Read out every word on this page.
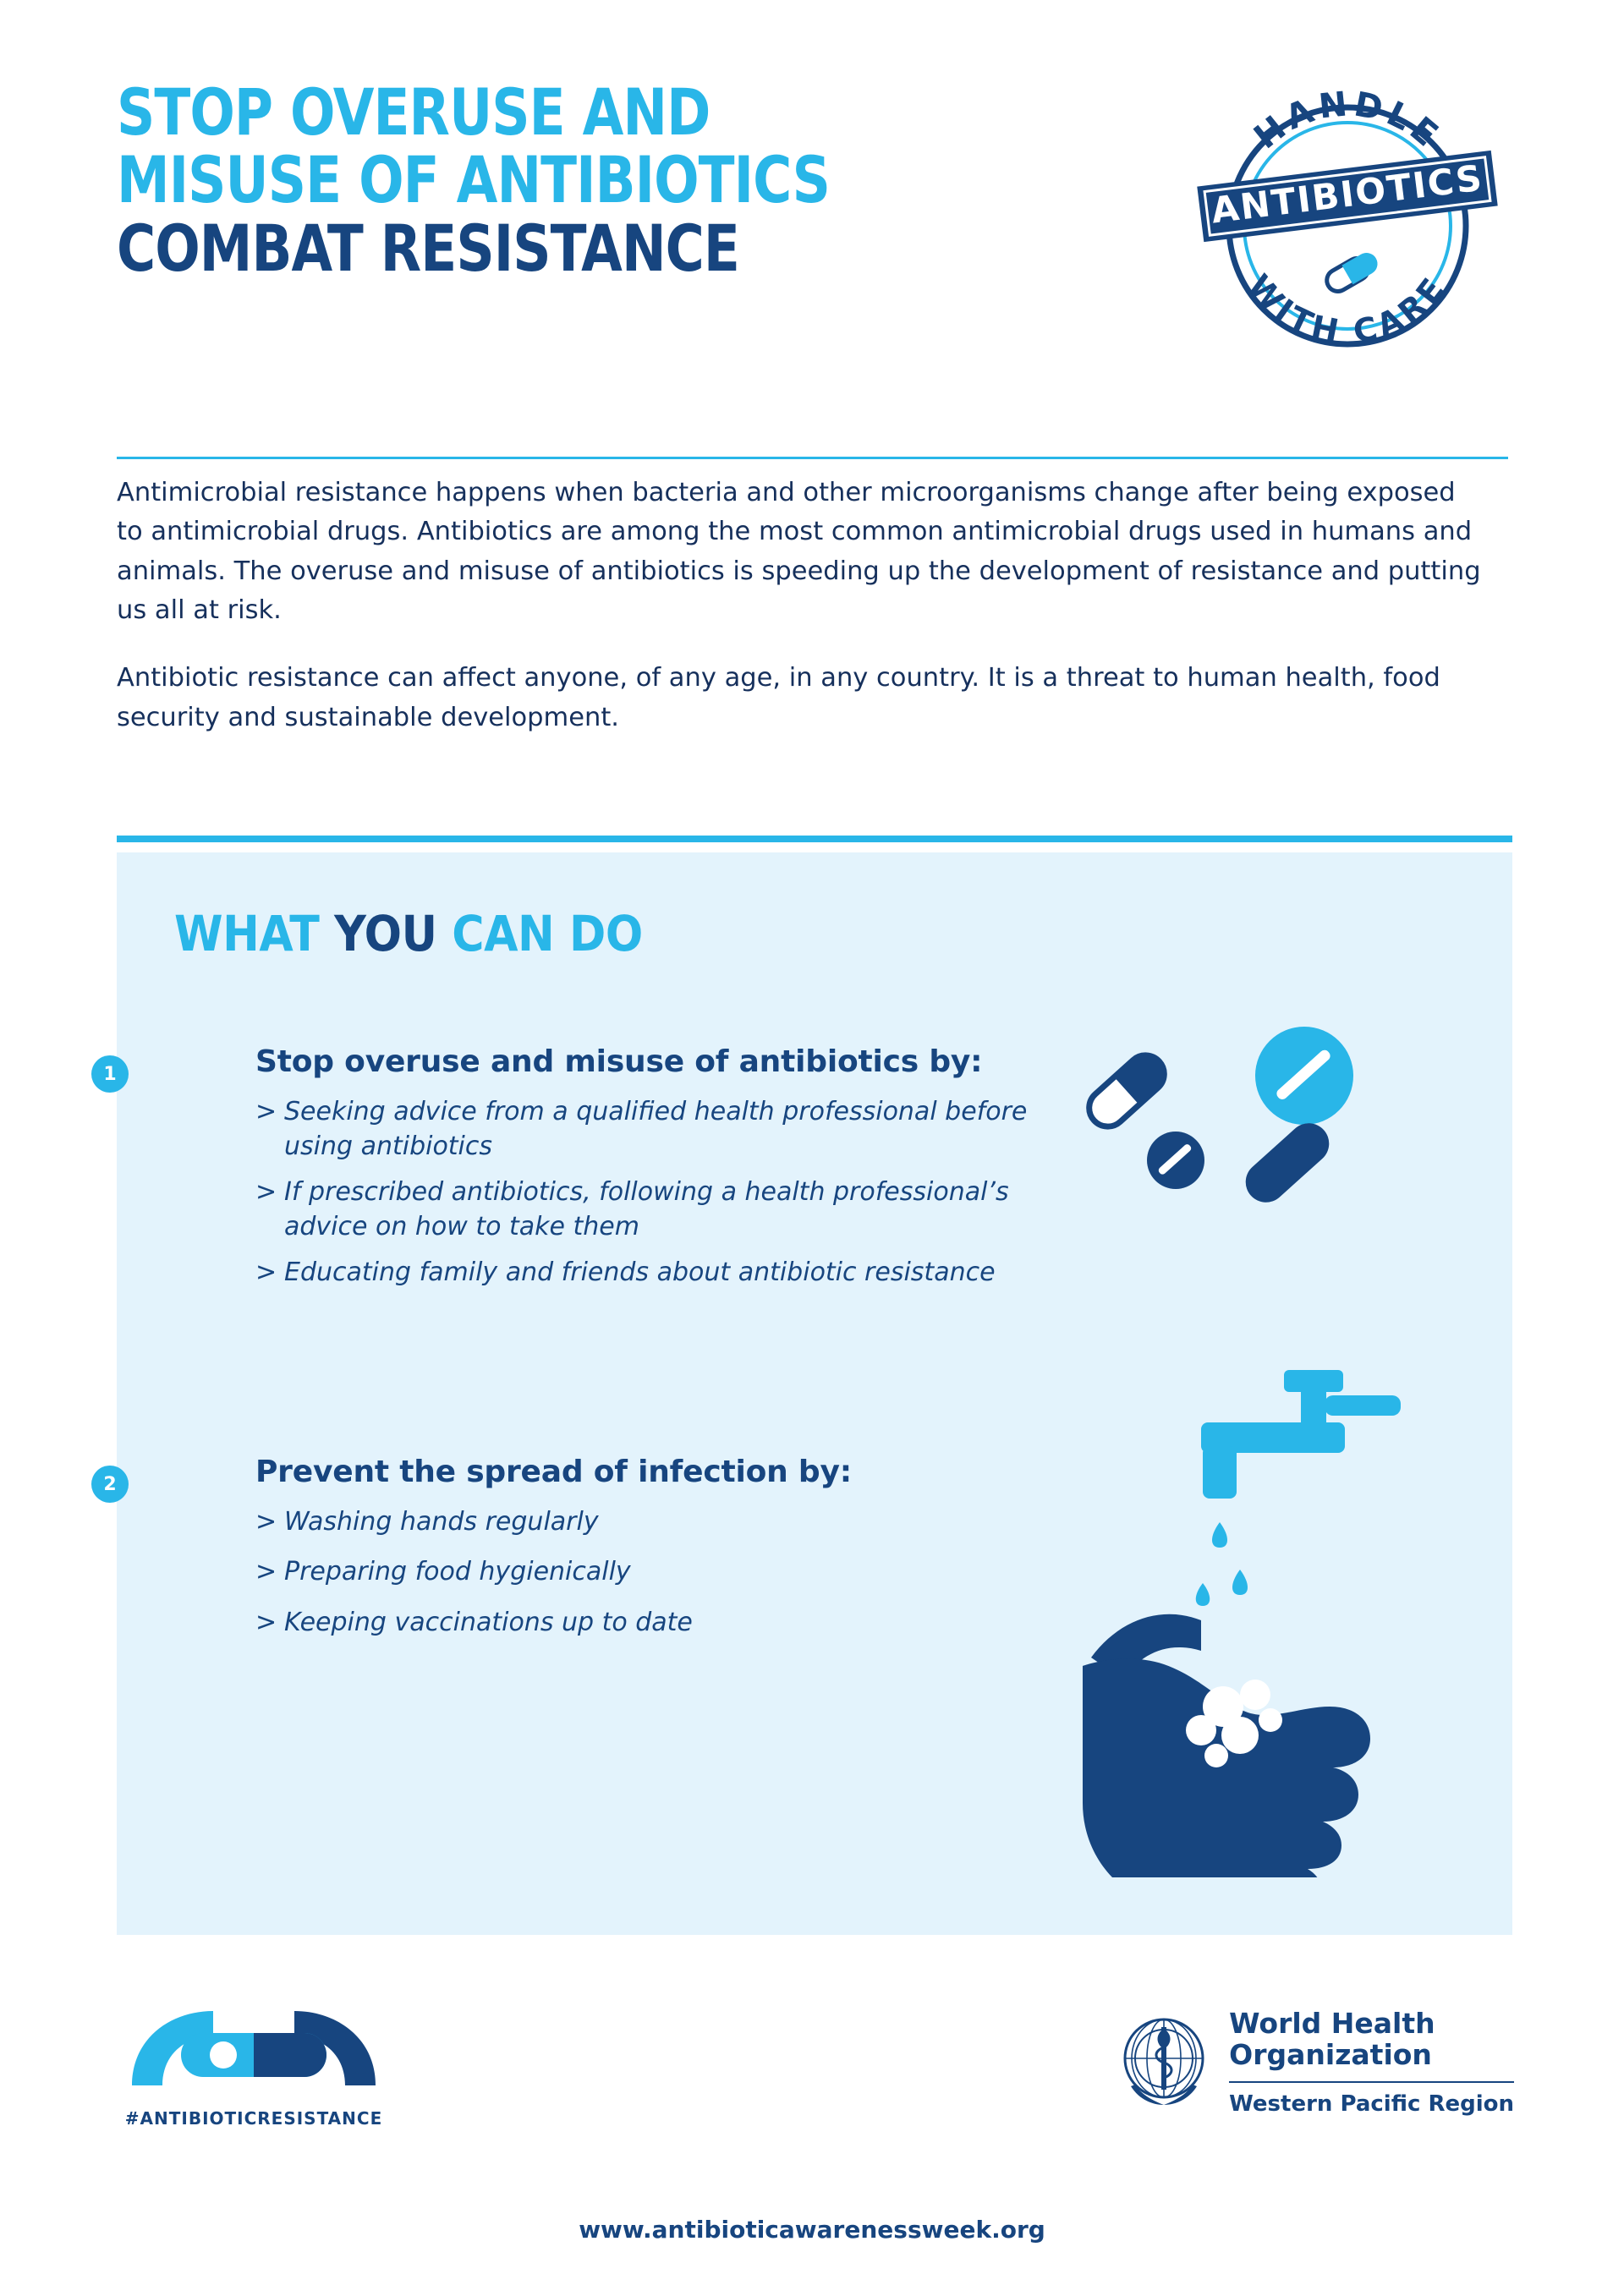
STOP OVERUSE AND
MISUSE OF ANTIBIOTICS
COMBAT RESISTANCE
HANDLE
WITH CARE
ANTIBIOTICS

Antimicrobial resistance happens when bacteria and other microorganisms change after being exposed to antimicrobial drugs. Antibiotics are among the most common antimicrobial drugs used in humans and animals. The overuse and misuse of antibiotics is speeding up the development of resistance and putting us all at risk.

Antibiotic resistance can affect anyone, of any age, in any country. It is a threat to human health, food security and sustainable development.

WHAT YOU CAN DO
1	Stop overuse and misuse of antibiotics by:
> Seeking advice from a qualified health professional before using antibiotics
> If prescribed antibiotics, following a health professional’s advice on how to take them
> Educating family and friends about antibiotic resistance
2	Prevent the spread of infection by:
> Washing hands regularly
> Preparing food hygienically
> Keeping vaccinations up to date
#ANTIBIOTICRESISTANCE
World Health
Organization
Western Pacific Region
www.antibioticawarenessweek.org
